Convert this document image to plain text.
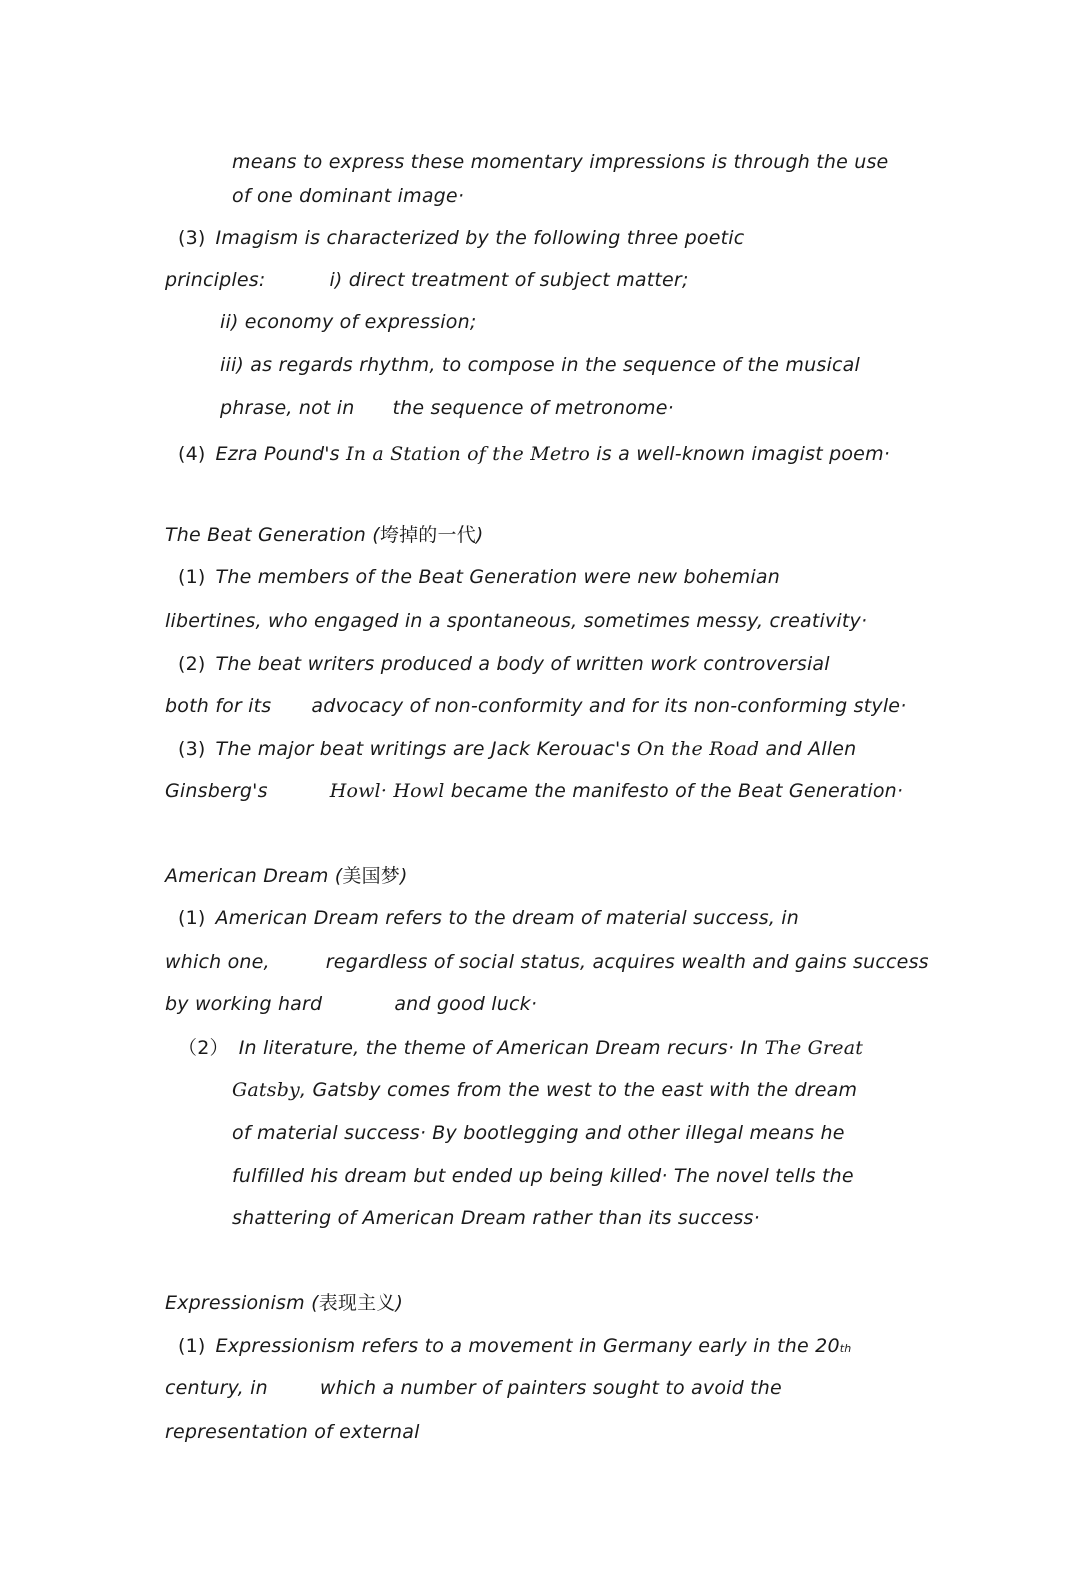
means to express these momentary impressions is through the use
of one dominant image·
(3) Imagism is characterized by the following three poetic
principles:	i) direct treatment of subject matter;
ii) economy of expression;
iii) as regards rhythm, to compose in the sequence of the musical
phrase, not in the sequence of metronome·
(4) Ezra Pound's In a Station of the Metro is a well-known imagist poem·
The Beat Generation (垮掉的一代)
(1) The members of the Beat Generation were new bohemian
libertines, who engaged in a spontaneous, sometimes messy, creativity·
(2) The beat writers produced a body of written work controversial
both for its advocacy of non-conformity and for its non-conforming style·
(3) The major beat writings are Jack Kerouac's On the Road and Allen
Ginsberg's	Howl· Howl became the manifesto of the Beat Generation·
American Dream (美国梦)
(1) American Dream refers to the dream of material success, in
which one,	regardless of social status, acquires wealth and gains success
by working hard	and good luck·
（2） In literature, the theme of American Dream recurs· In The Great
Gatsby, Gatsby comes from the west to the east with the dream
of material success· By bootlegging and other illegal means he
fulfilled his dream but ended up being killed· The novel tells the
shattering of American Dream rather than its success·
Expressionism (表现主义)
(1) Expressionism refers to a movement in Germany early in the 20th
century, in	which a number of painters sought to avoid the
representation of external
